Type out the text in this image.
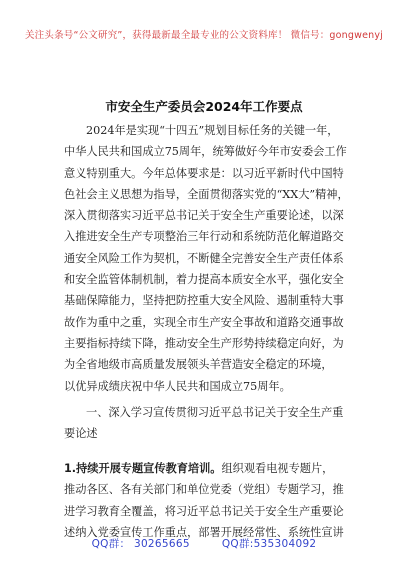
关注头条号“公文研究”，获得最新最全最专业的公文资料库！ 微信号：gongwenyj
市安全生产委员会2024年工作要点
2024年是实现“十四五”规划目标任务的关键一年，
中华人民共和国成立75周年，统筹做好今年市安委会工作
意义特别重大。今年总体要求是：以习近平新时代中国特
色社会主义思想为指导，全面贯彻落实党的“XX大”精神，
深入贯彻落实习近平总书记关于安全生产重要论述，以深
入推进安全生产专项整治三年行动和系统防范化解道路交
通安全风险工作为契机，不断健全完善安全生产责任体系
和安全监管体制机制，着力提高本质安全水平，强化安全
基础保障能力，坚持把防控重大安全风险、遏制重特大事
故作为重中之重，实现全市生产安全事故和道路交通事故
主要指标持续下降，推动安全生产形势持续稳定向好，为
为全省地级市高质量发展领头羊营造安全稳定的环境，
以优异成绩庆祝中华人民共和国成立75周年。
一、深入学习宣传贯彻习近平总书记关于安全生产重
要论述
1.持续开展专题宣传教育培训。组织观看电视专题片，
推动各区、各有关部门和单位党委（党组）专题学习，推
进学习教育全覆盖，将习近平总书记关于安全生产重要论
述纳入党委宣传工作重点，部署开展经常性、系统性宣讲
QQ群： 30265665	QQ群:535304092
